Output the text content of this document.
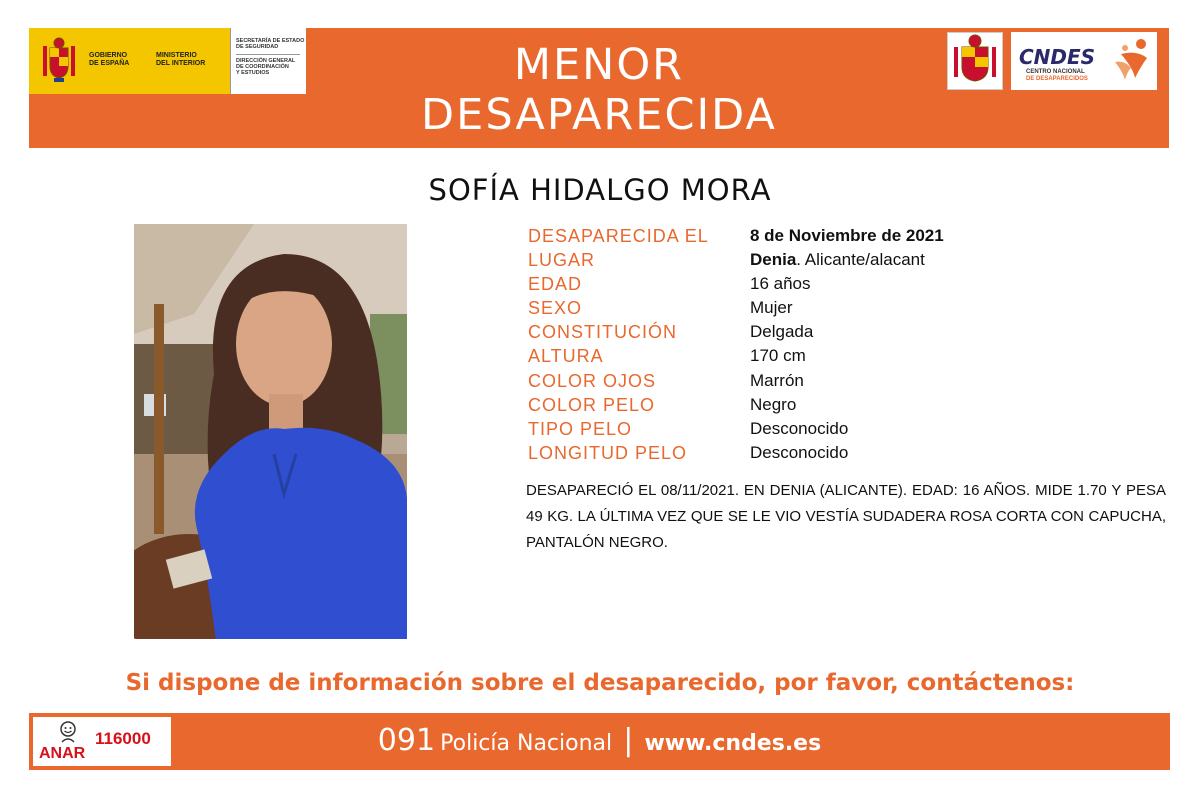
GOBIERNO
DE ESPAÑA
MINISTERIO
DEL INTERIOR
SECRETARÍA DE ESTADO
DE SEGURIDAD
DIRECCIÓN GENERAL
DE COORDINACIÓN
Y ESTUDIOS	MENOR
DESAPARECIDA
CNDES
CENTRO NACIONAL
DE DESAPARECIDOS
SOFÍA HIDALGO MORA
DESAPARECIDA EL 8 de Noviembre de 2021
LUGAR	Denia. Alicante/alacant
EDAD	16 años
SEXO	Mujer
CONSTITUCIÓN	Delgada
ALTURA	170 cm
COLOR OJOS	Marrón
COLOR PELO	Negro
TIPO PELO	Desconocido
LONGITUD PELO	Desconocido
DESAPARECIÓ EL 08/11/2021. EN DENIA (ALICANTE). EDAD: 16 AÑOS. MIDE 1.70 Y PESA 49 KG. LA ÚLTIMA VEZ QUE SE LE VIO VESTÍA SUDADERA ROSA CORTA CON CAPUCHA, PANTALÓN NEGRO.
Si dispone de información sobre el desaparecido, por favor, contáctenos:
116000
ANAR	091 Policía Nacional | www.cndes.es
